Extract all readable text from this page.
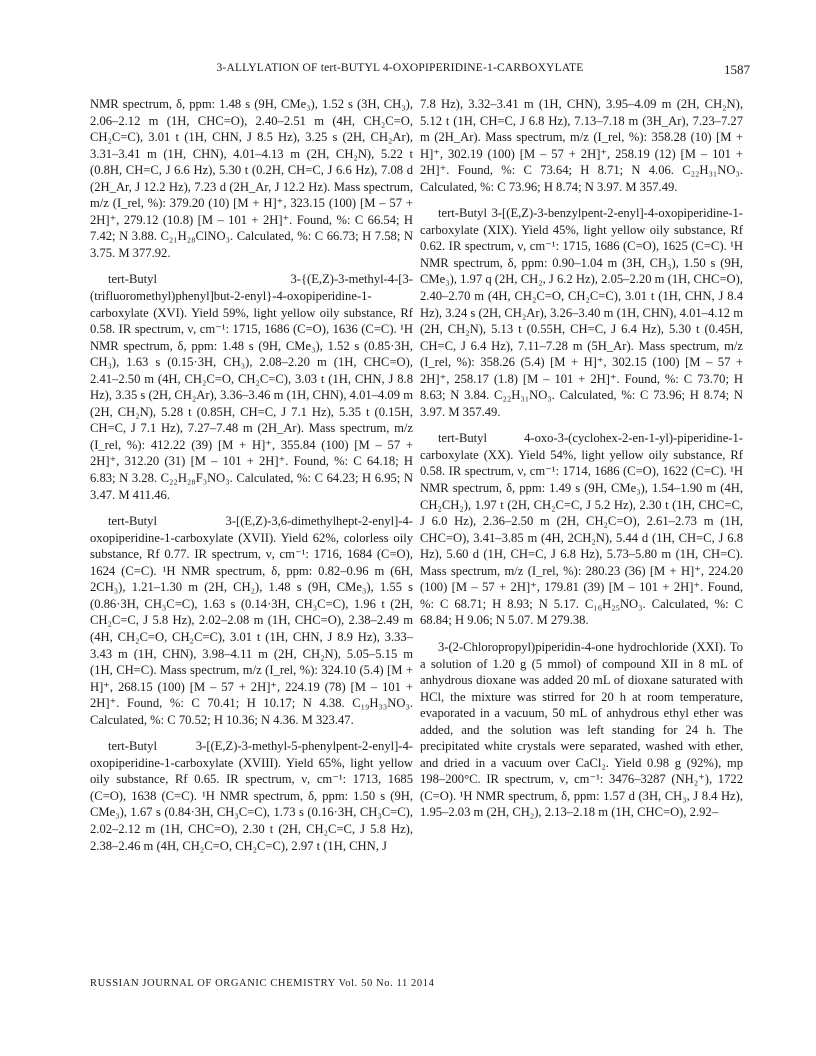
3-ALLYLATION OF tert-BUTYL 4-OXOPIPERIDINE-1-CARBOXYLATE	1587

NMR spectrum, δ, ppm: 1.48 s (9H, CMe₃), 1.52 s (3H, CH₃), 2.06–2.12 m (1H, CHC=O), 2.40–2.51 m (4H, CH₂C=O, CH₂C=C), 3.01 t (1H, CHN, J 8.5 Hz), 3.25 s (2H, CH₂Ar), 3.31–3.41 m (1H, CHN), 4.01–4.13 m (2H, CH₂N), 5.22 t (0.8H, CH=C, J 6.6 Hz), 5.30 t (0.2H, CH=C, J 6.6 Hz), 7.08 d (2H_Ar, J 12.2 Hz), 7.23 d (2H_Ar, J 12.2 Hz). Mass spectrum, m/z (I_rel, %): 379.20 (10) [M + H]⁺, 323.15 (100) [M – 57 + 2H]⁺, 279.12 (10.8) [M – 101 + 2H]⁺. Found, %: C 66.54; H 7.42; N 3.88. C₂₁H₂₈ClNO₃. Calculated, %: C 66.73; H 7.58; N 3.75. M 377.92.

tert-Butyl 3-{(E,Z)-3-methyl-4-[3-(trifluoromethyl)phenyl]but-2-enyl}-4-oxopiperidine-1-carboxylate (XVI). Yield 59%, light yellow oily substance, Rf 0.58. IR spectrum, ν, cm⁻¹: 1715, 1686 (C=O), 1636 (C=C). ¹H NMR spectrum, δ, ppm: 1.48 s (9H, CMe₃), 1.52 s (0.85·3H, CH₃), 1.63 s (0.15·3H, CH₃), 2.08–2.20 m (1H, CHC=O), 2.41–2.50 m (4H, CH₂C=O, CH₂C=C), 3.03 t (1H, CHN, J 8.8 Hz), 3.35 s (2H, CH₂Ar), 3.36–3.46 m (1H, CHN), 4.01–4.09 m (2H, CH₂N), 5.28 t (0.85H, CH=C, J 7.1 Hz), 5.35 t (0.15H, CH=C, J 7.1 Hz), 7.27–7.48 m (2H_Ar). Mass spectrum, m/z (I_rel, %): 412.22 (39) [M + H]⁺, 355.84 (100) [M – 57 + 2H]⁺, 312.20 (31) [M – 101 + 2H]⁺. Found, %: C 64.18; H 6.83; N 3.28. C₂₂H₂₈F₃NO₃. Calculated, %: C 64.23; H 6.95; N 3.47. M 411.46.

tert-Butyl 3-[(E,Z)-3,6-dimethylhept-2-enyl]-4-oxopiperidine-1-carboxylate (XVII). Yield 62%, colorless oily substance, Rf 0.77. IR spectrum, ν, cm⁻¹: 1716, 1684 (C=O), 1624 (C=C). ¹H NMR spectrum, δ, ppm: 0.82–0.96 m (6H, 2CH₃), 1.21–1.30 m (2H, CH₂), 1.48 s (9H, CMe₃), 1.55 s (0.86·3H, CH₃C=C), 1.63 s (0.14·3H, CH₃C=C), 1.96 t (2H, CH₂C=C, J 5.8 Hz), 2.02–2.08 m (1H, CHC=O), 2.38–2.49 m (4H, CH₂C=O, CH₂C=C), 3.01 t (1H, CHN, J 8.9 Hz), 3.33–3.43 m (1H, CHN), 3.98–4.11 m (2H, CH₂N), 5.05–5.15 m (1H, CH=C). Mass spectrum, m/z (I_rel, %): 324.10 (5.4) [M + H]⁺, 268.15 (100) [M – 57 + 2H]⁺, 224.19 (78) [M – 101 + 2H]⁺. Found, %: C 70.41; H 10.17; N 4.38. C₁₉H₃₃NO₃. Calculated, %: C 70.52; H 10.36; N 4.36. M 323.47.

tert-Butyl 3-[(E,Z)-3-methyl-5-phenylpent-2-enyl]-4-oxopiperidine-1-carboxylate (XVIII). Yield 65%, light yellow oily substance, Rf 0.65. IR spectrum, ν, cm⁻¹: 1713, 1685 (C=O), 1638 (C=C). ¹H NMR spectrum, δ, ppm: 1.50 s (9H, CMe₃), 1.67 s (0.84·3H, CH₃C=C), 1.73 s (0.16·3H, CH₃C=C), 2.02–2.12 m (1H, CHC=O), 2.30 t (2H, CH₂C=C, J 5.8 Hz), 2.38–2.46 m (4H, CH₂C=O, CH₂C=C), 2.97 t (1H, CHN, J

7.8 Hz), 3.32–3.41 m (1H, CHN), 3.95–4.09 m (2H, CH₂N), 5.12 t (1H, CH=C, J 6.8 Hz), 7.13–7.18 m (3H_Ar), 7.23–7.27 m (2H_Ar). Mass spectrum, m/z (I_rel, %): 358.28 (10) [M + H]⁺, 302.19 (100) [M – 57 + 2H]⁺, 258.19 (12) [M – 101 + 2H]⁺. Found, %: C 73.64; H 8.71; N 4.06. C₂₂H₃₁NO₃. Calculated, %: C 73.96; H 8.74; N 3.97. M 357.49.

tert-Butyl 3-[(E,Z)-3-benzylpent-2-enyl]-4-oxopiperidine-1-carboxylate (XIX). Yield 45%, light yellow oily substance, Rf 0.62. IR spectrum, ν, cm⁻¹: 1715, 1686 (C=O), 1625 (C=C). ¹H NMR spectrum, δ, ppm: 0.90–1.04 m (3H, CH₃), 1.50 s (9H, CMe₃), 1.97 q (2H, CH₂, J 6.2 Hz), 2.05–2.20 m (1H, CHC=O), 2.40–2.70 m (4H, CH₂C=O, CH₂C=C), 3.01 t (1H, CHN, J 8.4 Hz), 3.24 s (2H, CH₂Ar), 3.26–3.40 m (1H, CHN), 4.01–4.12 m (2H, CH₂N), 5.13 t (0.55H, CH=C, J 6.4 Hz), 5.30 t (0.45H, CH=C, J 6.4 Hz), 7.11–7.28 m (5H_Ar). Mass spectrum, m/z (I_rel, %): 358.26 (5.4) [M + H]⁺, 302.15 (100) [M – 57 + 2H]⁺, 258.17 (1.8) [M – 101 + 2H]⁺. Found, %: C 73.70; H 8.63; N 3.84. C₂₂H₃₁NO₃. Calculated, %: C 73.96; H 8.74; N 3.97. M 357.49.

tert-Butyl 4-oxo-3-(cyclohex-2-en-1-yl)-piperidine-1-carboxylate (XX). Yield 54%, light yellow oily substance, Rf 0.58. IR spectrum, ν, cm⁻¹: 1714, 1686 (C=O), 1622 (C=C). ¹H NMR spectrum, δ, ppm: 1.49 s (9H, CMe₃), 1.54–1.90 m (4H, CH₂CH₂), 1.97 t (2H, CH₂C=C, J 5.2 Hz), 2.30 t (1H, CHC=C, J 6.0 Hz), 2.36–2.50 m (2H, CH₂C=O), 2.61–2.73 m (1H, CHC=O), 3.41–3.85 m (4H, 2CH₂N), 5.44 d (1H, CH=C, J 6.8 Hz), 5.60 d (1H, CH=C, J 6.8 Hz), 5.73–5.80 m (1H, CH=C). Mass spectrum, m/z (I_rel, %): 280.23 (36) [M + H]⁺, 224.20 (100) [M – 57 + 2H]⁺, 179.81 (39) [M – 101 + 2H]⁺. Found, %: C 68.71; H 8.93; N 5.17. C₁₆H₂₅NO₃. Calculated, %: C 68.84; H 9.06; N 5.07. M 279.38.

3-(2-Chloropropyl)piperidin-4-one hydrochloride (XXI). To a solution of 1.20 g (5 mmol) of compound XII in 8 mL of anhydrous dioxane was added 20 mL of dioxane saturated with HCl, the mixture was stirred for 20 h at room temperature, evaporated in a vacuum, 50 mL of anhydrous ethyl ether was added, and the solution was left standing for 24 h. The precipitated white crystals were separated, washed with ether, and dried in a vacuum over CaCl₂. Yield 0.98 g (92%), mp 198–200°C. IR spectrum, ν, cm⁻¹: 3476–3287 (NH₂⁺), 1722 (C=O). ¹H NMR spectrum, δ, ppm: 1.57 d (3H, CH₃, J 8.4 Hz), 1.95–2.03 m (2H, CH₂), 2.13–2.18 m (1H, CHC=O), 2.92–

RUSSIAN JOURNAL OF ORGANIC CHEMISTRY Vol. 50 No. 11 2014
